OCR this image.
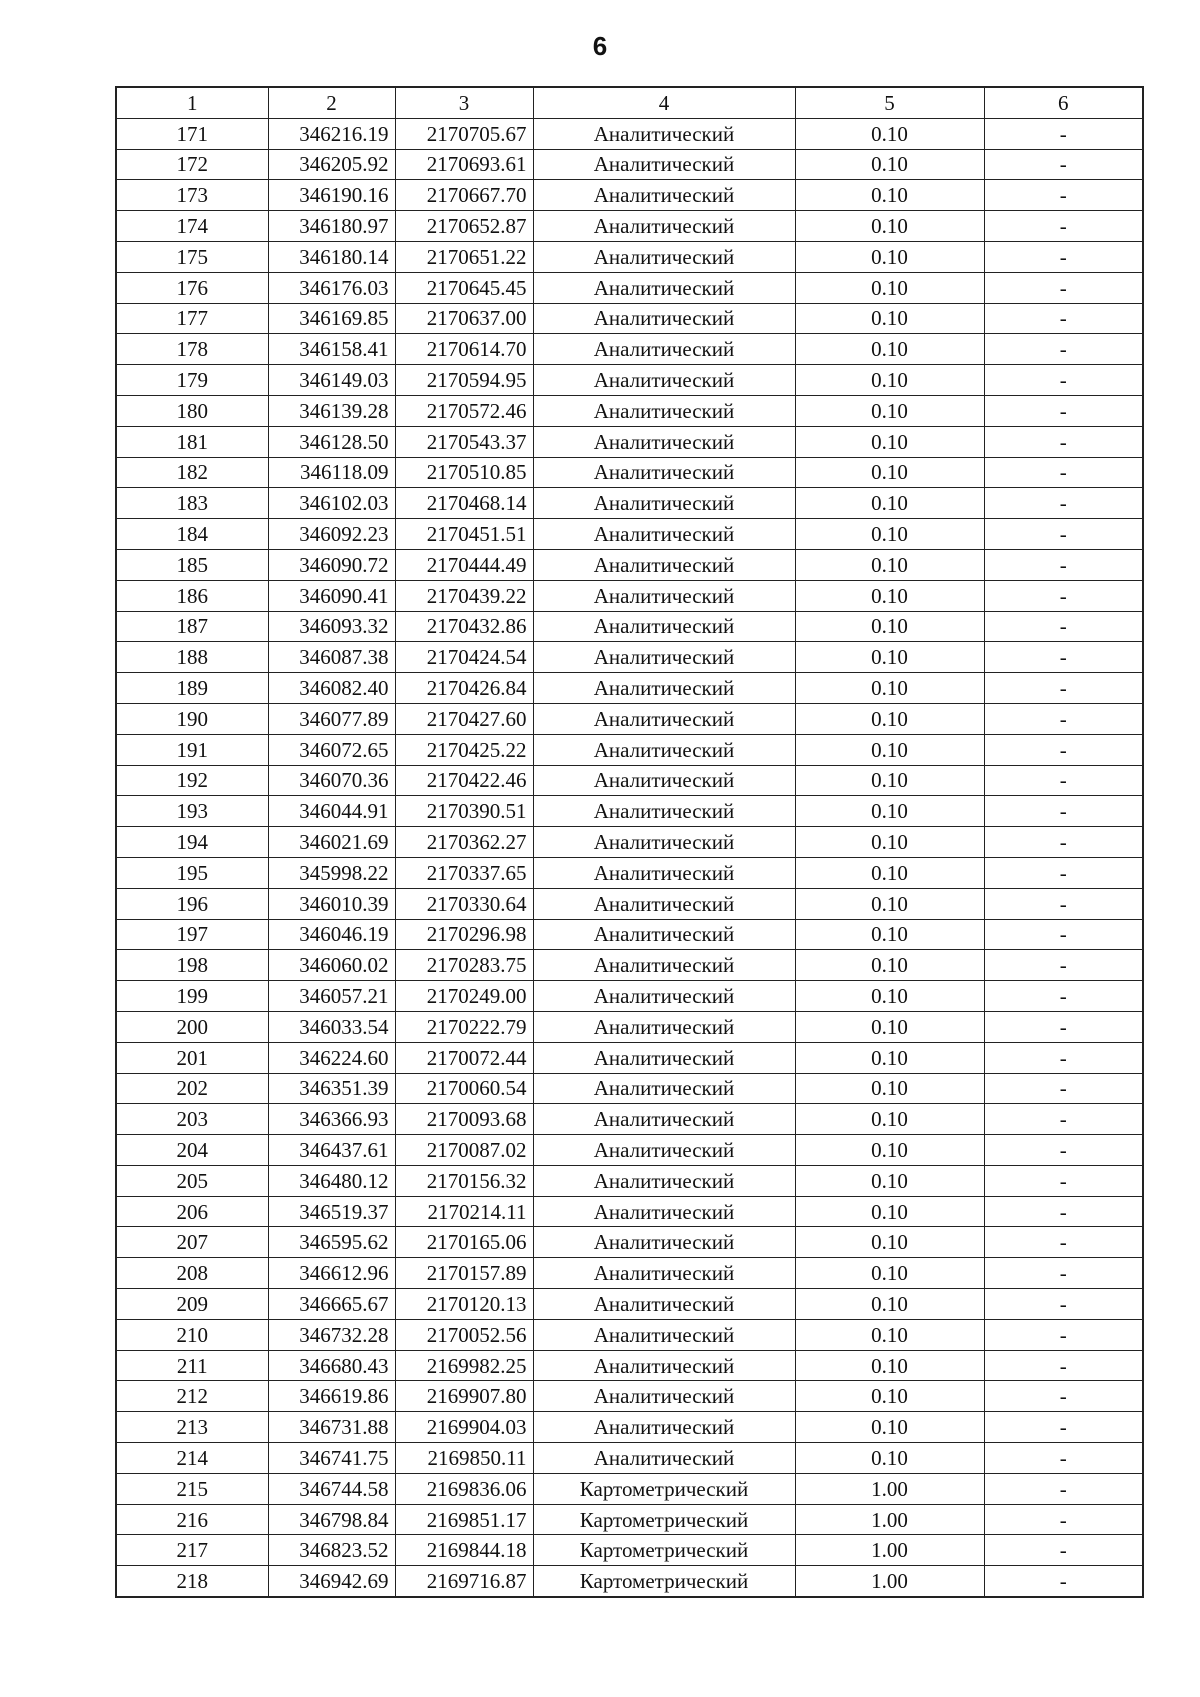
6
1	2	3	4	5	6
171	346216.19	2170705.67	Аналитический	0.10	-
172	346205.92	2170693.61	Аналитический	0.10	-
173	346190.16	2170667.70	Аналитический	0.10	-
174	346180.97	2170652.87	Аналитический	0.10	-
175	346180.14	2170651.22	Аналитический	0.10	-
176	346176.03	2170645.45	Аналитический	0.10	-
177	346169.85	2170637.00	Аналитический	0.10	-
178	346158.41	2170614.70	Аналитический	0.10	-
179	346149.03	2170594.95	Аналитический	0.10	-
180	346139.28	2170572.46	Аналитический	0.10	-
181	346128.50	2170543.37	Аналитический	0.10	-
182	346118.09	2170510.85	Аналитический	0.10	-
183	346102.03	2170468.14	Аналитический	0.10	-
184	346092.23	2170451.51	Аналитический	0.10	-
185	346090.72	2170444.49	Аналитический	0.10	-
186	346090.41	2170439.22	Аналитический	0.10	-
187	346093.32	2170432.86	Аналитический	0.10	-
188	346087.38	2170424.54	Аналитический	0.10	-
189	346082.40	2170426.84	Аналитический	0.10	-
190	346077.89	2170427.60	Аналитический	0.10	-
191	346072.65	2170425.22	Аналитический	0.10	-
192	346070.36	2170422.46	Аналитический	0.10	-
193	346044.91	2170390.51	Аналитический	0.10	-
194	346021.69	2170362.27	Аналитический	0.10	-
195	345998.22	2170337.65	Аналитический	0.10	-
196	346010.39	2170330.64	Аналитический	0.10	-
197	346046.19	2170296.98	Аналитический	0.10	-
198	346060.02	2170283.75	Аналитический	0.10	-
199	346057.21	2170249.00	Аналитический	0.10	-
200	346033.54	2170222.79	Аналитический	0.10	-
201	346224.60	2170072.44	Аналитический	0.10	-
202	346351.39	2170060.54	Аналитический	0.10	-
203	346366.93	2170093.68	Аналитический	0.10	-
204	346437.61	2170087.02	Аналитический	0.10	-
205	346480.12	2170156.32	Аналитический	0.10	-
206	346519.37	2170214.11	Аналитический	0.10	-
207	346595.62	2170165.06	Аналитический	0.10	-
208	346612.96	2170157.89	Аналитический	0.10	-
209	346665.67	2170120.13	Аналитический	0.10	-
210	346732.28	2170052.56	Аналитический	0.10	-
211	346680.43	2169982.25	Аналитический	0.10	-
212	346619.86	2169907.80	Аналитический	0.10	-
213	346731.88	2169904.03	Аналитический	0.10	-
214	346741.75	2169850.11	Аналитический	0.10	-
215	346744.58	2169836.06	Картометрический	1.00	-
216	346798.84	2169851.17	Картометрический	1.00	-
217	346823.52	2169844.18	Картометрический	1.00	-
218	346942.69	2169716.87	Картометрический	1.00	-
